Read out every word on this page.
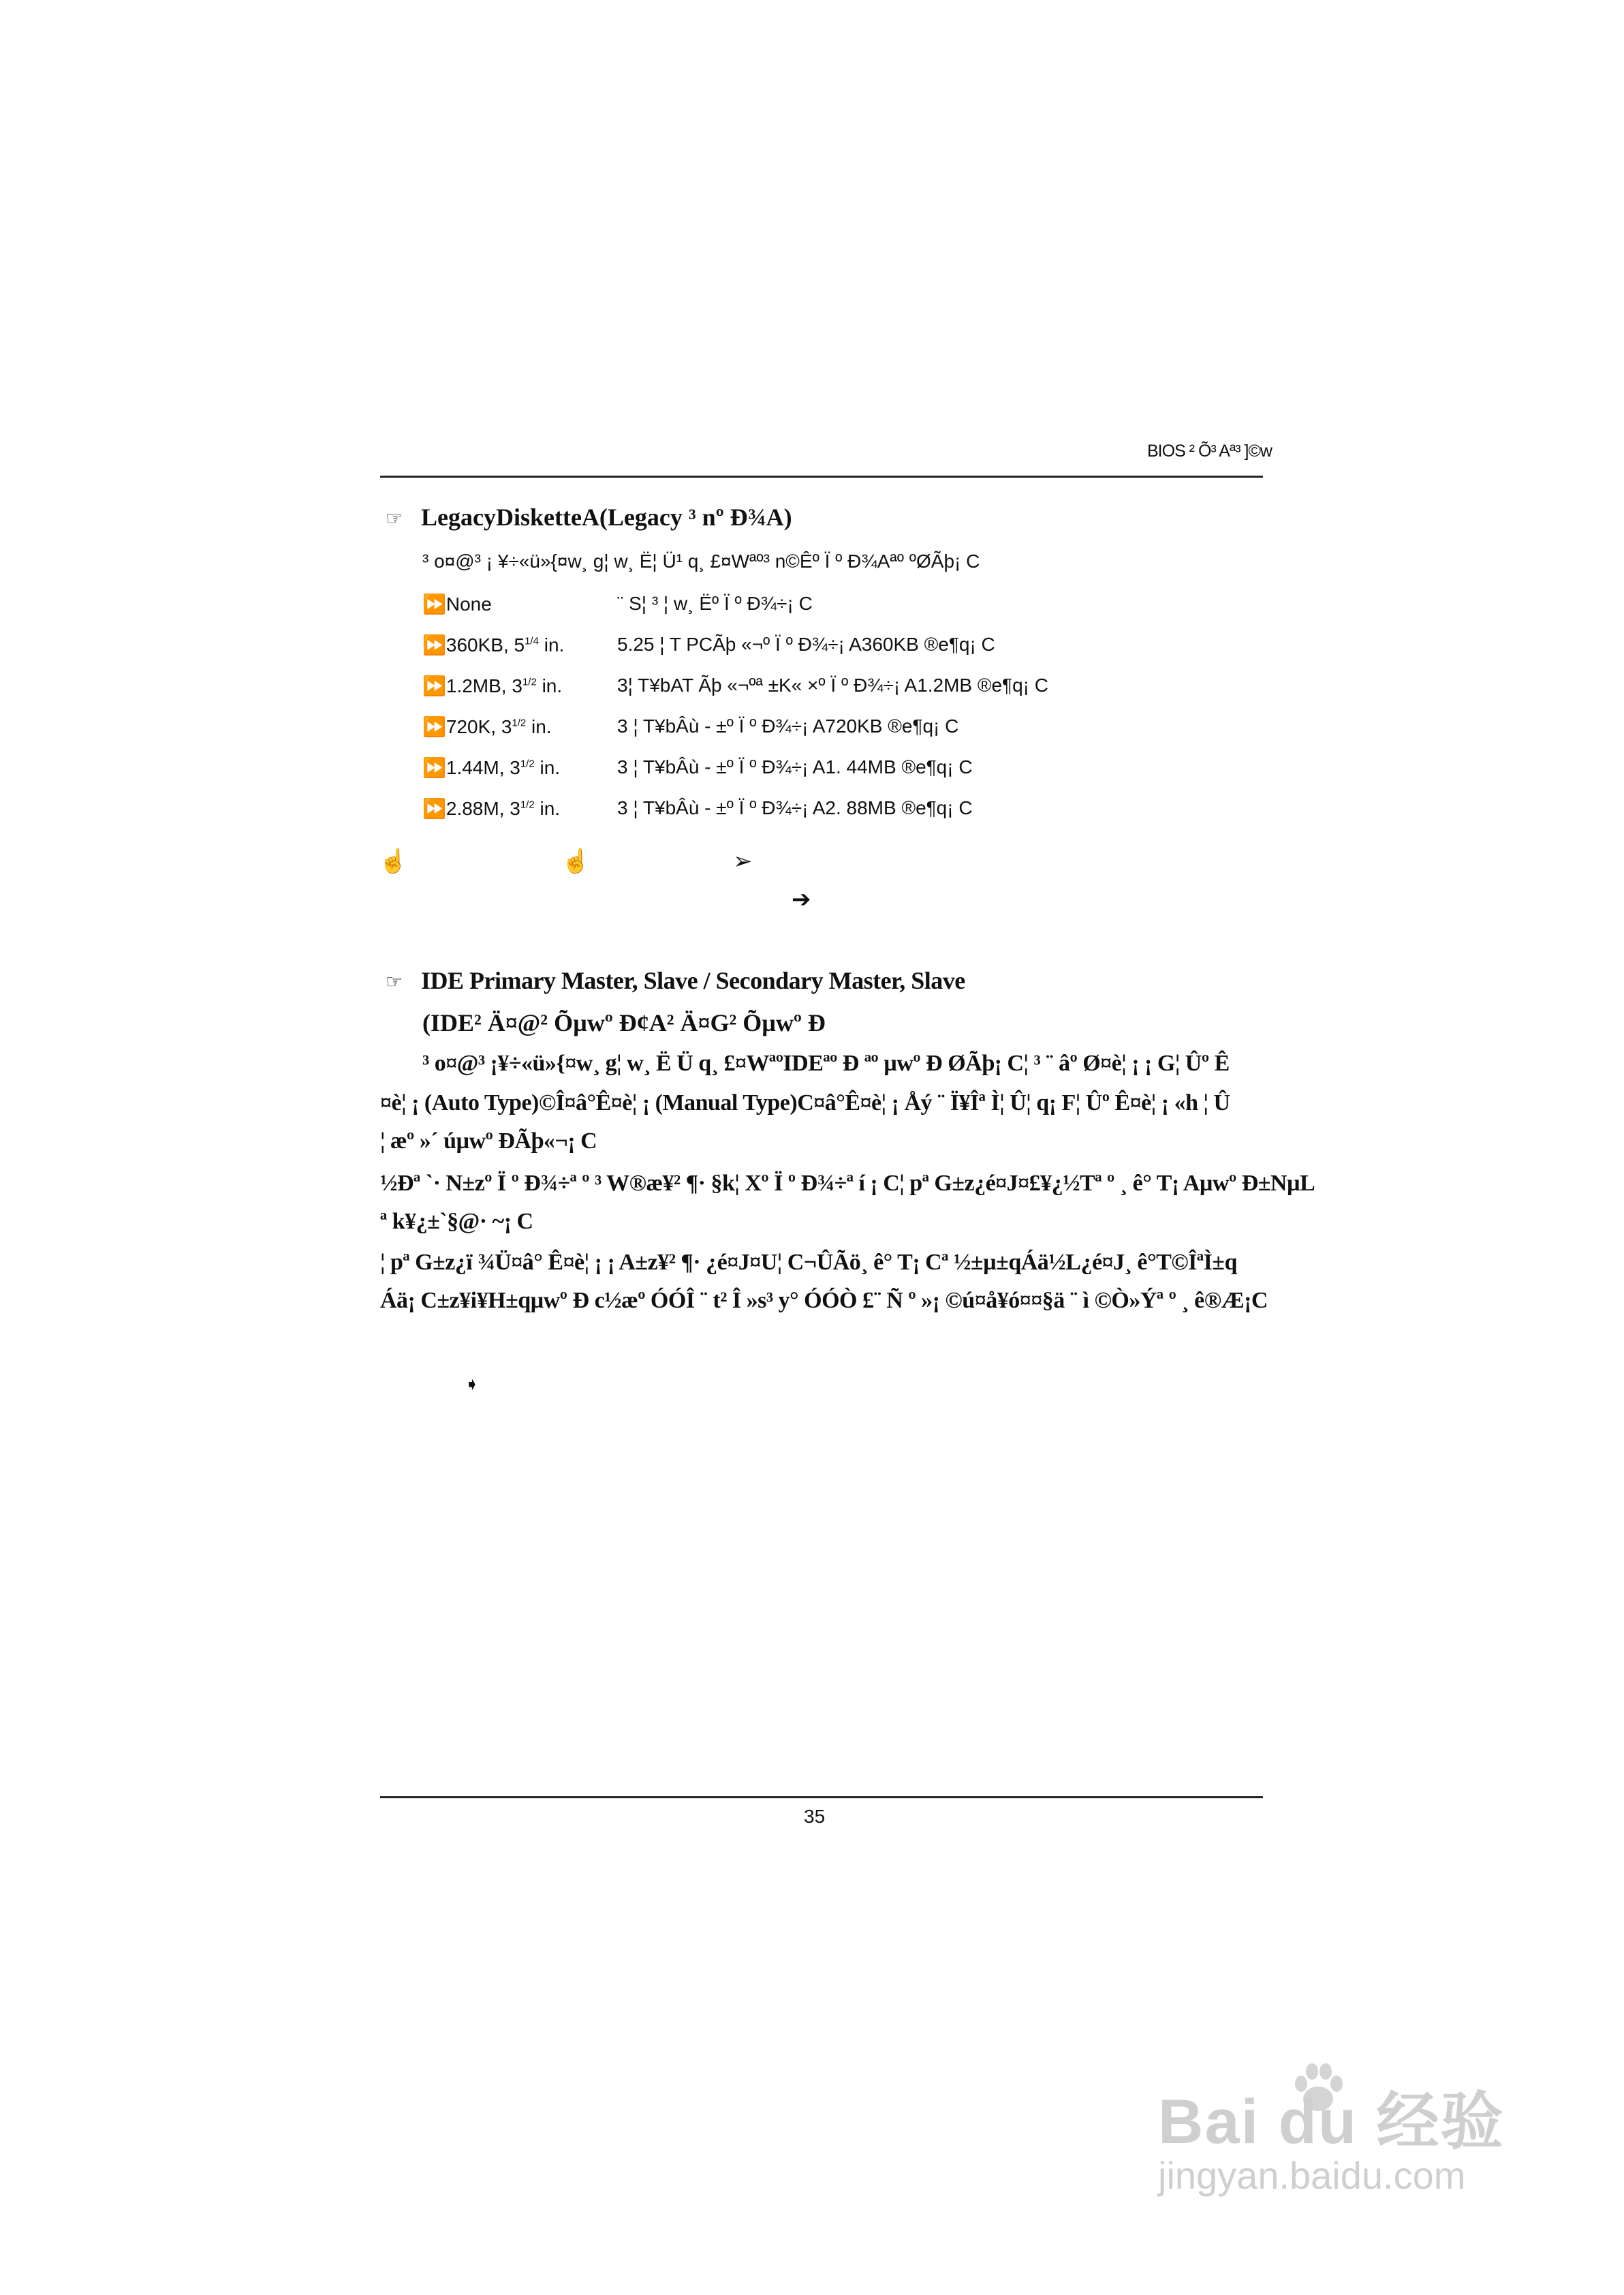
BIOS ² Õ³ Aª³ ]©w
☞ LegacyDisketteA(Legacy ³ nº Ð¾A)
³ o¤@³ ¡ ¥÷«ü»{¤w¸ g¦ w¸ Ë¦ Ü¹ q¸ £¤Wªº³ n©Êº Ï º Ð¾Aªº ºØÃþ¡ C
⏩None	¨ S¦ ³ ¦ w¸ Ëº Ï º Ð¾÷¡ C
⏩360KB, $5^{1/4}$ in.	5.25 ¦ T PCÃþ «¬º Ï º Ð¾÷¡ A360KB ®e¶q¡ C
⏩1.2MB, $3^{1/2}$ in.	3¦ T¥bAT Ãþ «¬ºª ±K« ×º Ï º Ð¾÷¡ A1.2MB ®e¶q¡ C
⏩720K, $3^{1/2}$ in.	3 ¦ T¥bÂù - ±º Ï º Ð¾÷¡ A720KB ®e¶q¡ C
⏩1.44M, $3^{1/2}$ in.	3 ¦ T¥bÂù - ±º Ï º Ð¾÷¡ A1. 44MB ®e¶q¡ C
⏩2.88M, $3^{1/2}$ in.	3 ¦ T¥bÂù - ±º Ï º Ð¾÷¡ A2. 88MB ®e¶q¡ C
☝	☝	➢
➔
☞ IDE Primary Master, Slave / Secondary Master, Slave
(IDE² Ä¤@² Õµwº Ð¢A² Ä¤G² Õµwº Ð
³ o¤@³ ¡¥÷«ü»{¤w¸ g¦ w¸ Ë Ü q¸ £¤WªºIDEªº Ð ªº µwº Ð ØÃþ¡ C¦ ³ ¨ âº Ø¤è¦ ¡ ¡ G¦ Ûº Ê
¤è¦ ¡ (Auto Type)©Î¤â°Ê¤è¦ ¡ (Manual Type)C¤â°Ê¤è¦ ¡ Åý ¨ Ï¥Îª Ì¦ Û¦ q¡ F¦ Ûº Ê¤è¦ ¡ «h ¦ Û
¦ æº »´ úµwº ÐÃþ«¬¡ C
½Ðª `· N±zº Ï º Ð¾÷ª º ³ W®æ¥² ¶· §k¦ Xº Ï º Ð¾÷ª í ¡ C¦ pª G±z¿é¤J¤£¥¿½Tª º ¸ ê° T¡ Aµwº Ð±NµL
ª k¥¿±`§@· ~¡ C
¦ pª G±z¿ï ¾Ü¤â° Ê¤è¦ ¡ ¡ A±z¥² ¶· ¿é¤J¤U¦ C¬ÛÃö¸ ê° T¡ Cª ½±µ±qÁä½L¿é¤J¸ ê°T©ÎªÌ±q
Áä¡ C±z¥i¥H±qµwº Ð c½æº ÓÓÎ ¨ t² Î »s³ y° ÓÓÒ £¨ Ñ º »¡ ©ú¤å¥ó¤¤§ä ¨ ì ©Ò»Ýª º ¸ ê®Æ¡C
➧
35
Bai du 经验
jingyan.baidu.com
